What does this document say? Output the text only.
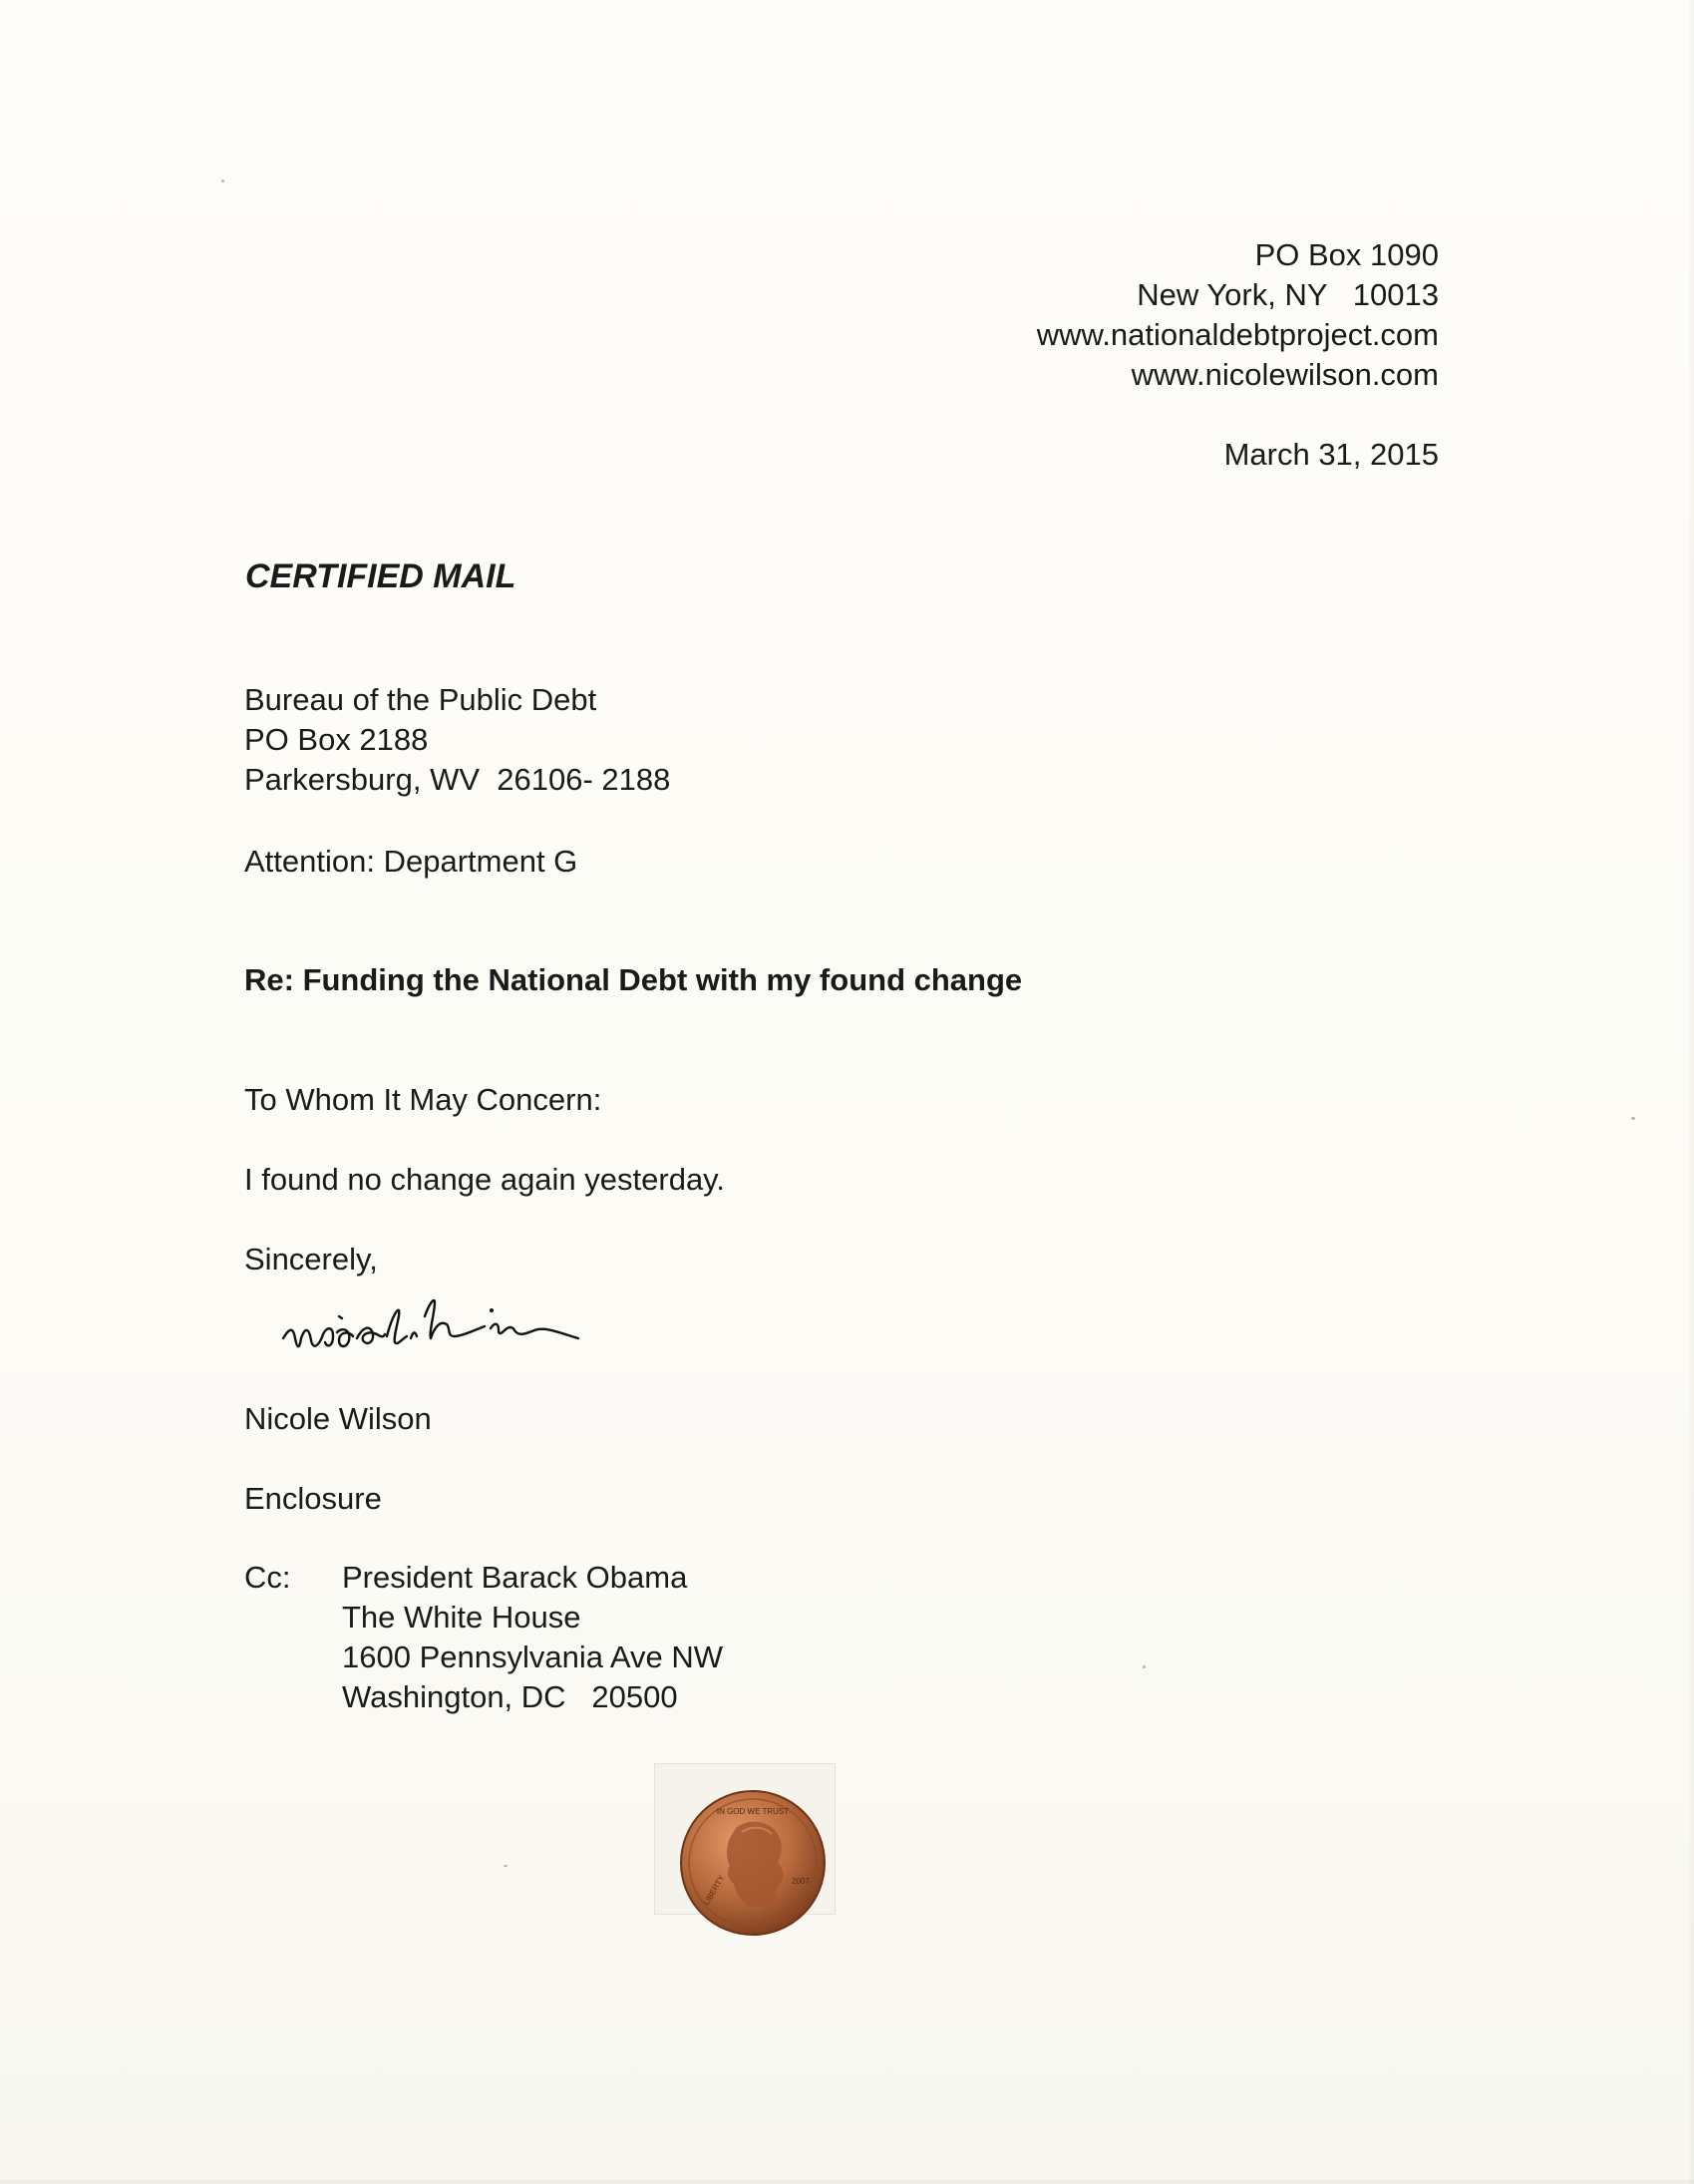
PO Box 1090
New York, NY   10013
www.nationaldebtproject.com
www.nicolewilson.com
March 31, 2015
CERTIFIED MAIL
Bureau of the Public Debt
PO Box 2188
Parkersburg, WV  26106- 2188
Attention: Department G
Re: Funding the National Debt with my found change
To Whom It May Concern:
I found no change again yesterday.
Sincerely,
Nicole Wilson
Enclosure
Cc: President Barack Obama
The White House
1600 Pennsylvania Ave NW
Washington, DC   20500
IN GOD WE TRUST
LIBERTY	2007
